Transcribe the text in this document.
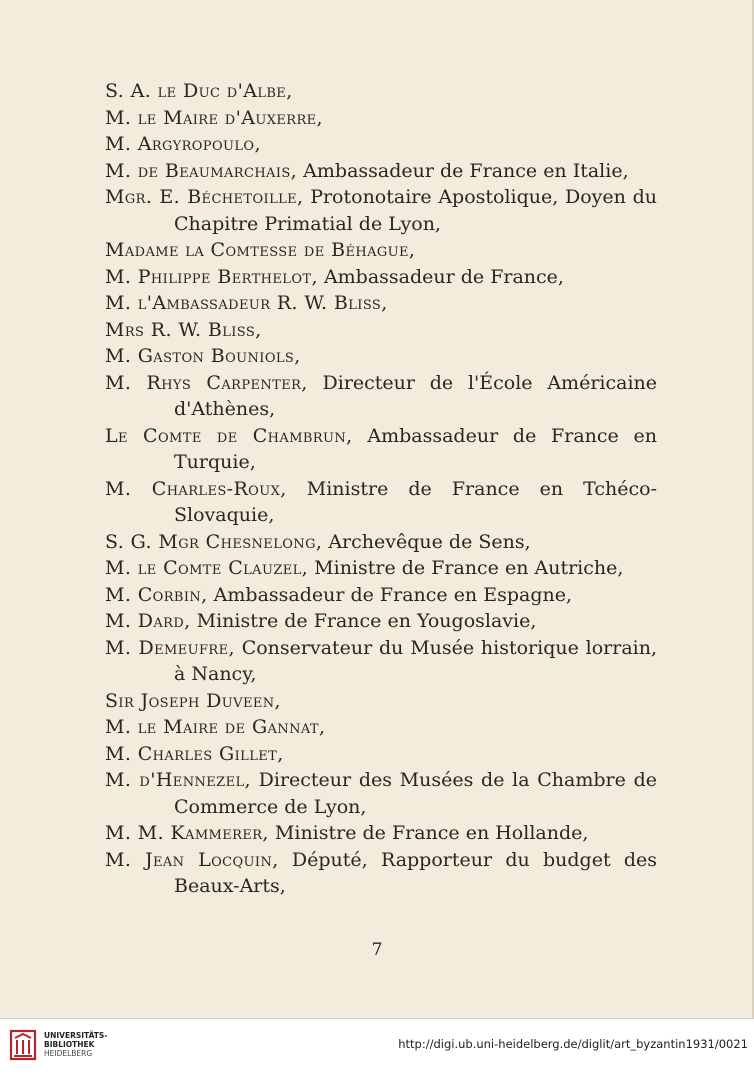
S. A. le Duc d'Albe,
M. le Maire d'Auxerre,
M. Argyropoulo,
M. de Beaumarchais, Ambassadeur de France en Italie,
Mgr. E. Béchetoille, Protonotaire Apostolique, Doyen du Chapitre Primatial de Lyon,
Madame la Comtesse de Béhague,
M. Philippe Berthelot, Ambassadeur de France,
M. l'Ambassadeur R. W. Bliss,
Mrs R. W. Bliss,
M. Gaston Bouniols,
M. Rhys Carpenter, Directeur de l'École Américaine d'Athènes,
Le Comte de Chambrun, Ambassadeur de France en Turquie,
M. Charles-Roux, Ministre de France en Tchéco-Slovaquie,
S. G. Mgr Chesnelong, Archevêque de Sens,
M. le Comte Clauzel, Ministre de France en Autriche,
M. Corbin, Ambassadeur de France en Espagne,
M. Dard, Ministre de France en Yougoslavie,
M. Demeufre, Conservateur du Musée historique lorrain, à Nancy,
Sir Joseph Duveen,
M. le Maire de Gannat,
M. Charles Gillet,
M. d'Hennezel, Directeur des Musées de la Chambre de Commerce de Lyon,
M. M. Kammerer, Ministre de France en Hollande,
M. Jean Locquin, Député, Rapporteur du budget des Beaux-Arts,
7
UNIVERSITÄTS-
BIBLIOTHEK
HEIDELBERG
http://digi.ub.uni-heidelberg.de/diglit/art_byzantin1931/0021
